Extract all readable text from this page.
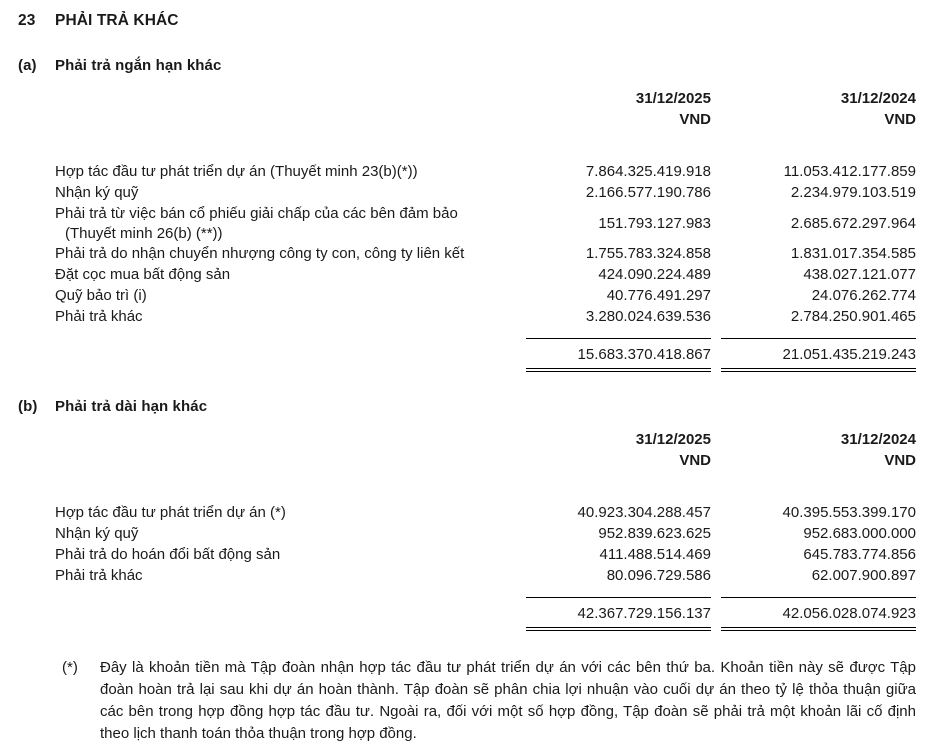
23	PHẢI TRẢ KHÁC
(a)	Phải trả ngắn hạn khác
31/12/2025	31/12/2024
VND	VND
Hợp tác đầu tư phát triển dự án (Thuyết minh 23(b)(*))	7.864.325.419.918	11.053.412.177.859
Nhận ký quỹ	2.166.577.190.786	2.234.979.103.519
Phải trả từ việc bán cổ phiếu giải chấp của các bên đảm bảo
(Thuyết minh 26(b) (**))
151.793.127.983	2.685.672.297.964
Phải trả do nhận chuyển nhượng công ty con, công ty liên kết	1.755.783.324.858	1.831.017.354.585
Đặt cọc mua bất động sản	424.090.224.489	438.027.121.077
Quỹ bảo trì (i)	40.776.491.297	24.076.262.774
Phải trả khác	3.280.024.639.536	2.784.250.901.465
15.683.370.418.867	21.051.435.219.243
(b)	Phải trả dài hạn khác
31/12/2025	31/12/2024
VND	VND
Hợp tác đầu tư phát triển dự án (*)	40.923.304.288.457	40.395.553.399.170
Nhận ký quỹ	952.839.623.625	952.683.000.000
Phải trả do hoán đổi bất động sản	411.488.514.469	645.783.774.856
Phải trả khác	80.096.729.586	62.007.900.897
42.367.729.156.137	42.056.028.074.923
(*)	Đây là khoản tiền mà Tập đoàn nhận hợp tác đầu tư phát triển dự án với các bên thứ ba. Khoản tiền này sẽ được Tập đoàn hoàn trả lại sau khi dự án hoàn thành. Tập đoàn sẽ phân chia lợi nhuận vào cuối dự án theo tỷ lệ thỏa thuận giữa các bên trong hợp đồng hợp tác đầu tư. Ngoài ra, đối với một số hợp đồng, Tập đoàn sẽ phải trả một khoản lãi cố định theo lịch thanh toán thỏa thuận trong hợp đồng.
